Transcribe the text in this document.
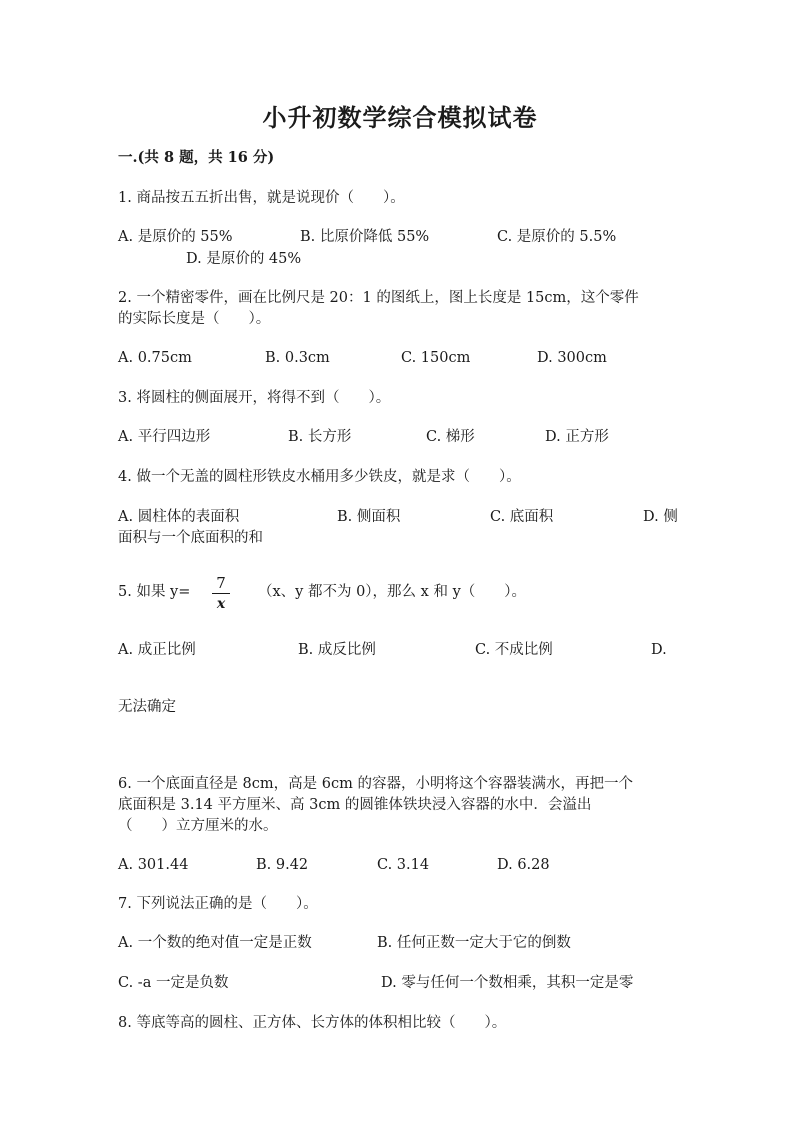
小升初数学综合模拟试卷
一.(共 8 题，共 16 分)
1. 商品按五五折出售，就是说现价（　　）。
A. 是原价的 55%	B. 比原价降低 55%	C. 是原价的 5.5%
D. 是原价的 45%
2. 一个精密零件，画在比例尺是 20：1 的图纸上，图上长度是 15cm，这个零件
的实际长度是（　　）。
A. 0.75cm	B. 0.3cm	C. 150cm	D. 300cm
3. 将圆柱的侧面展开，将得不到（　　）。
A. 平行四边形	B. 长方形	C. 梯形	D. 正方形
4. 做一个无盖的圆柱形铁皮水桶用多少铁皮，就是求（　　）。
A. 圆柱体的表面积	B. 侧面积	C. 底面积	D. 侧
面积与一个底面积的和
5. 如果 y= 7
x
（x、y 都不为 0），那么 x 和 y（　　）。
A. 成正比例	B. 成反比例	C. 不成比例	D.
无法确定
6. 一个底面直径是 8cm，高是 6cm 的容器，小明将这个容器装满水，再把一个
底面积是 3.14 平方厘米、高 3cm 的圆锥体铁块浸入容器的水中．会溢出
（　　）立方厘米的水。
A. 301.44	B. 9.42	C. 3.14	D. 6.28
7. 下列说法正确的是（　　）。
A. 一个数的绝对值一定是正数	B. 任何正数一定大于它的倒数
C. -a 一定是负数	D. 零与任何一个数相乘，其积一定是零
8. 等底等高的圆柱、正方体、长方体的体积相比较（　　）。
